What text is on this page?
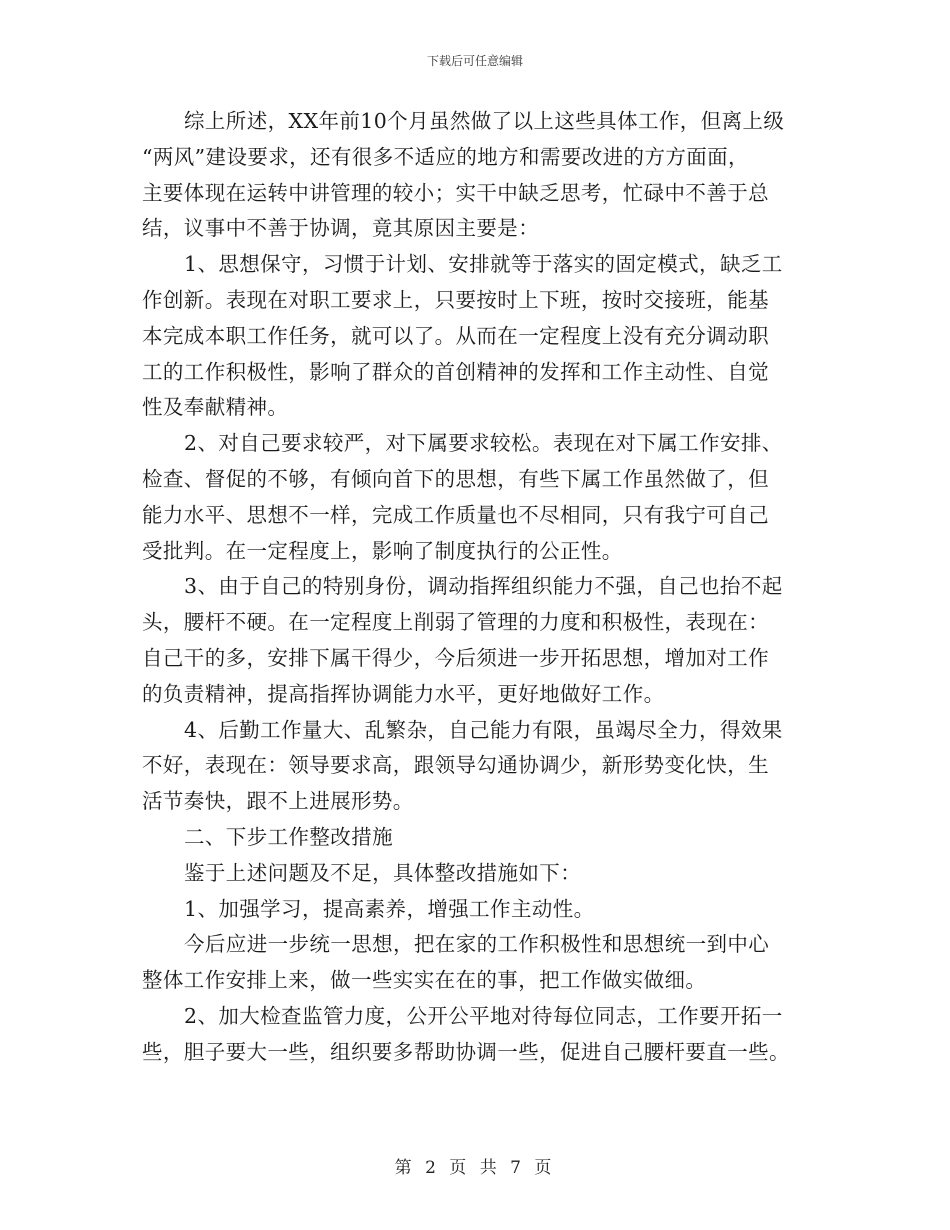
下载后可任意编辑
综上所述，XX年前10个月虽然做了以上这些具体工作，但离上级
“两风”建设要求，还有很多不适应的地方和需要改进的方方面面，
主要体现在运转中讲管理的较小；实干中缺乏思考，忙碌中不善于总
结，议事中不善于协调，竟其原因主要是：
1、思想保守，习惯于计划、安排就等于落实的固定模式，缺乏工
作创新。表现在对职工要求上，只要按时上下班，按时交接班，能基
本完成本职工作任务，就可以了。从而在一定程度上没有充分调动职
工的工作积极性，影响了群众的首创精神的发挥和工作主动性、自觉
性及奉献精神。
2、对自己要求较严，对下属要求较松。表现在对下属工作安排、
检查、督促的不够，有倾向首下的思想，有些下属工作虽然做了，但
能力水平、思想不一样，完成工作质量也不尽相同，只有我宁可自己
受批判。在一定程度上，影响了制度执行的公正性。
3、由于自己的特别身份，调动指挥组织能力不强，自己也抬不起
头，腰杆不硬。在一定程度上削弱了管理的力度和积极性，表现在：
自己干的多，安排下属干得少，今后须进一步开拓思想，增加对工作
的负责精神，提高指挥协调能力水平，更好地做好工作。
4、后勤工作量大、乱繁杂，自己能力有限，虽竭尽全力，得效果
不好，表现在：领导要求高，跟领导勾通协调少，新形势变化快，生
活节奏快，跟不上进展形势。
二、下步工作整改措施
鉴于上述问题及不足，具体整改措施如下：
1、加强学习，提高素养，增强工作主动性。
今后应进一步统一思想，把在家的工作积极性和思想统一到中心
整体工作安排上来，做一些实实在在的事，把工作做实做细。
2、加大检查监管力度，公开公平地对待每位同志，工作要开拓一
些，胆子要大一些，组织要多帮助协调一些，促进自己腰杆要直一些。
第 2 页 共 7 页
